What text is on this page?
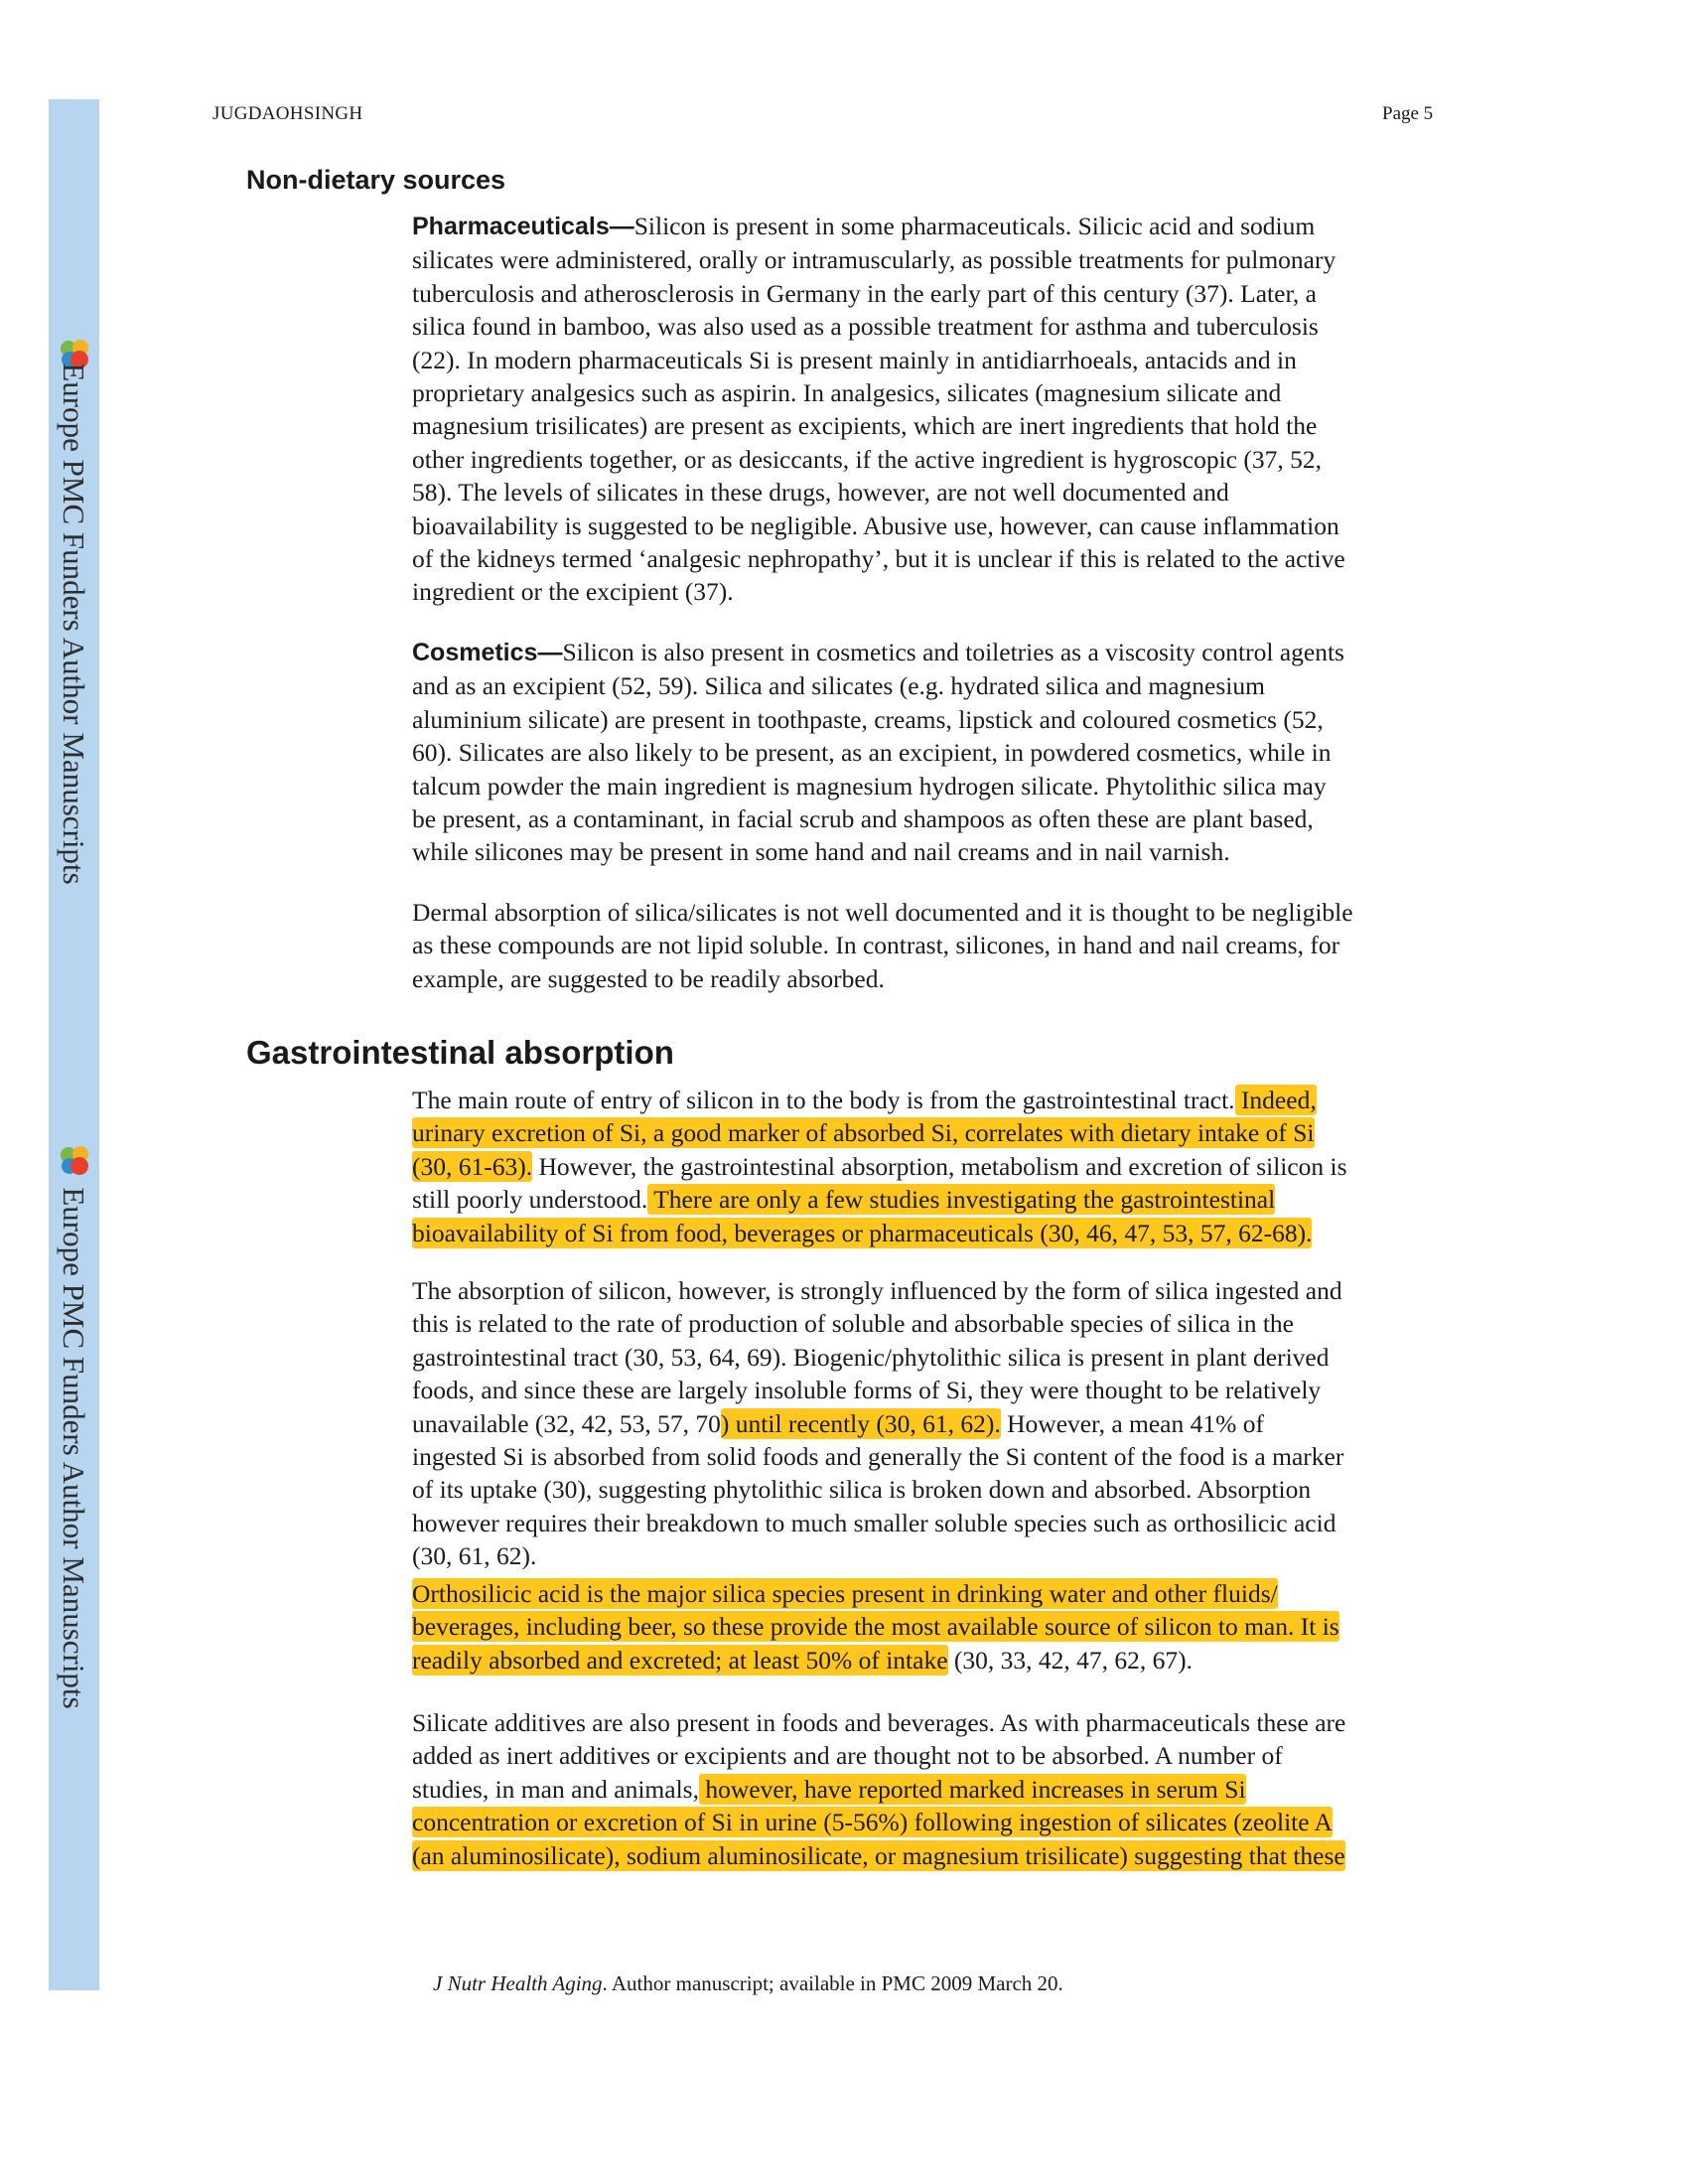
Europe PMC Funders Author Manuscripts
Europe PMC Funders Author Manuscripts
JUGDAOHSINGH	Page 5
Non-dietary sources
Pharmaceuticals—Silicon is present in some pharmaceuticals. Silicic acid and sodium
silicates were administered, orally or intramuscularly, as possible treatments for pulmonary
tuberculosis and atherosclerosis in Germany in the early part of this century (37). Later, a
silica found in bamboo, was also used as a possible treatment for asthma and tuberculosis
(22). In modern pharmaceuticals Si is present mainly in antidiarrhoeals, antacids and in
proprietary analgesics such as aspirin. In analgesics, silicates (magnesium silicate and
magnesium trisilicates) are present as excipients, which are inert ingredients that hold the
other ingredients together, or as desiccants, if the active ingredient is hygroscopic (37, 52,
58). The levels of silicates in these drugs, however, are not well documented and
bioavailability is suggested to be negligible. Abusive use, however, can cause inflammation
of the kidneys termed ‘analgesic nephropathy’, but it is unclear if this is related to the active
ingredient or the excipient (37).
Cosmetics—Silicon is also present in cosmetics and toiletries as a viscosity control agents
and as an excipient (52, 59). Silica and silicates (e.g. hydrated silica and magnesium
aluminium silicate) are present in toothpaste, creams, lipstick and coloured cosmetics (52,
60). Silicates are also likely to be present, as an excipient, in powdered cosmetics, while in
talcum powder the main ingredient is magnesium hydrogen silicate. Phytolithic silica may
be present, as a contaminant, in facial scrub and shampoos as often these are plant based,
while silicones may be present in some hand and nail creams and in nail varnish.
Dermal absorption of silica/silicates is not well documented and it is thought to be negligible
as these compounds are not lipid soluble. In contrast, silicones, in hand and nail creams, for
example, are suggested to be readily absorbed.
Gastrointestinal absorption
The main route of entry of silicon in to the body is from the gastrointestinal tract. Indeed,
urinary excretion of Si, a good marker of absorbed Si, correlates with dietary intake of Si
(30, 61-63). However, the gastrointestinal absorption, metabolism and excretion of silicon is
still poorly understood. There are only a few studies investigating the gastrointestinal
bioavailability of Si from food, beverages or pharmaceuticals (30, 46, 47, 53, 57, 62-68).
The absorption of silicon, however, is strongly influenced by the form of silica ingested and
this is related to the rate of production of soluble and absorbable species of silica in the
gastrointestinal tract (30, 53, 64, 69). Biogenic/phytolithic silica is present in plant derived
foods, and since these are largely insoluble forms of Si, they were thought to be relatively
unavailable (32, 42, 53, 57, 70) until recently (30, 61, 62). However, a mean 41% of
ingested Si is absorbed from solid foods and generally the Si content of the food is a marker
of its uptake (30), suggesting phytolithic silica is broken down and absorbed. Absorption
however requires their breakdown to much smaller soluble species such as orthosilicic acid
(30, 61, 62).
Orthosilicic acid is the major silica species present in drinking water and other fluids/
beverages, including beer, so these provide the most available source of silicon to man. It is
readily absorbed and excreted; at least 50% of intake (30, 33, 42, 47, 62, 67).
Silicate additives are also present in foods and beverages. As with pharmaceuticals these are
added as inert additives or excipients and are thought not to be absorbed. A number of
studies, in man and animals, however, have reported marked increases in serum Si
concentration or excretion of Si in urine (5-56%) following ingestion of silicates (zeolite A
(an aluminosilicate), sodium aluminosilicate, or magnesium trisilicate) suggesting that these
J Nutr Health Aging. Author manuscript; available in PMC 2009 March 20.
